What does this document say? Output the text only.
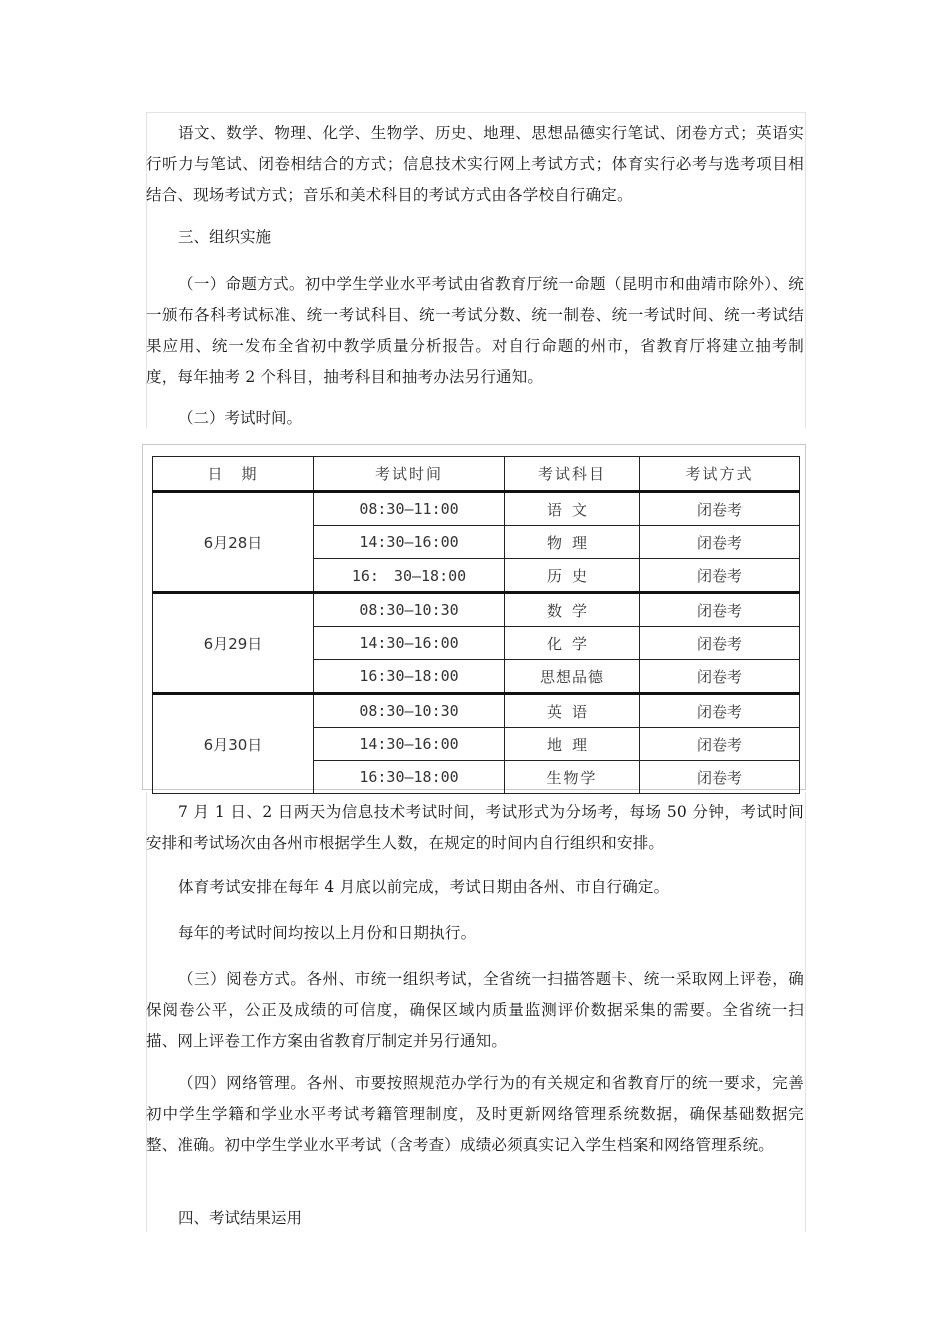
语文、数学、物理、化学、生物学、历史、地理、思想品德实行笔试、闭卷方式；英语实行听力与笔试、闭卷相结合的方式；信息技术实行网上考试方式；体育实行必考与选考项目相结合、现场考试方式；音乐和美术科目的考试方式由各学校自行确定。

三、组织实施

（一）命题方式。初中学生学业水平考试由省教育厅统一命题（昆明市和曲靖市除外）、统一颁布各科考试标准、统一考试科目、统一考试分数、统一制卷、统一考试时间、统一考试结果应用、统一发布全省初中教学质量分析报告。对自行命题的州市，省教育厅将建立抽考制度，每年抽考 2 个科目，抽考科目和抽考办法另行通知。

（二）考试时间。

日　期	考试时间	考试科目	考试方式
6月28日	08:30—11:00	语文	闭卷考
	14:30—16:00	物理	闭卷考
	16:　30—18:00	历史	闭卷考
6月29日	08:30—10:30	数学	闭卷考
	14:30—16:00	化学	闭卷考
	16:30—18:00	思想品德	闭卷考
6月30日	08:30—10:30	英语	闭卷考
	14:30—16:00	地理	闭卷考
	16:30—18:00	生物学	闭卷考

7 月 1 日、2 日两天为信息技术考试时间，考试形式为分场考，每场 50 分钟，考试时间安排和考试场次由各州市根据学生人数，在规定的时间内自行组织和安排。

体育考试安排在每年 4 月底以前完成，考试日期由各州、市自行确定。

每年的考试时间均按以上月份和日期执行。

（三）阅卷方式。各州、市统一组织考试，全省统一扫描答题卡、统一采取网上评卷，确保阅卷公平，公正及成绩的可信度，确保区域内质量监测评价数据采集的需要。全省统一扫描、网上评卷工作方案由省教育厅制定并另行通知。

（四）网络管理。各州、市要按照规范办学行为的有关规定和省教育厅的统一要求，完善初中学生学籍和学业水平考试考籍管理制度，及时更新网络管理系统数据，确保基础数据完整、准确。初中学生学业水平考试（含考查）成绩必须真实记入学生档案和网络管理系统。

四、考试结果运用
